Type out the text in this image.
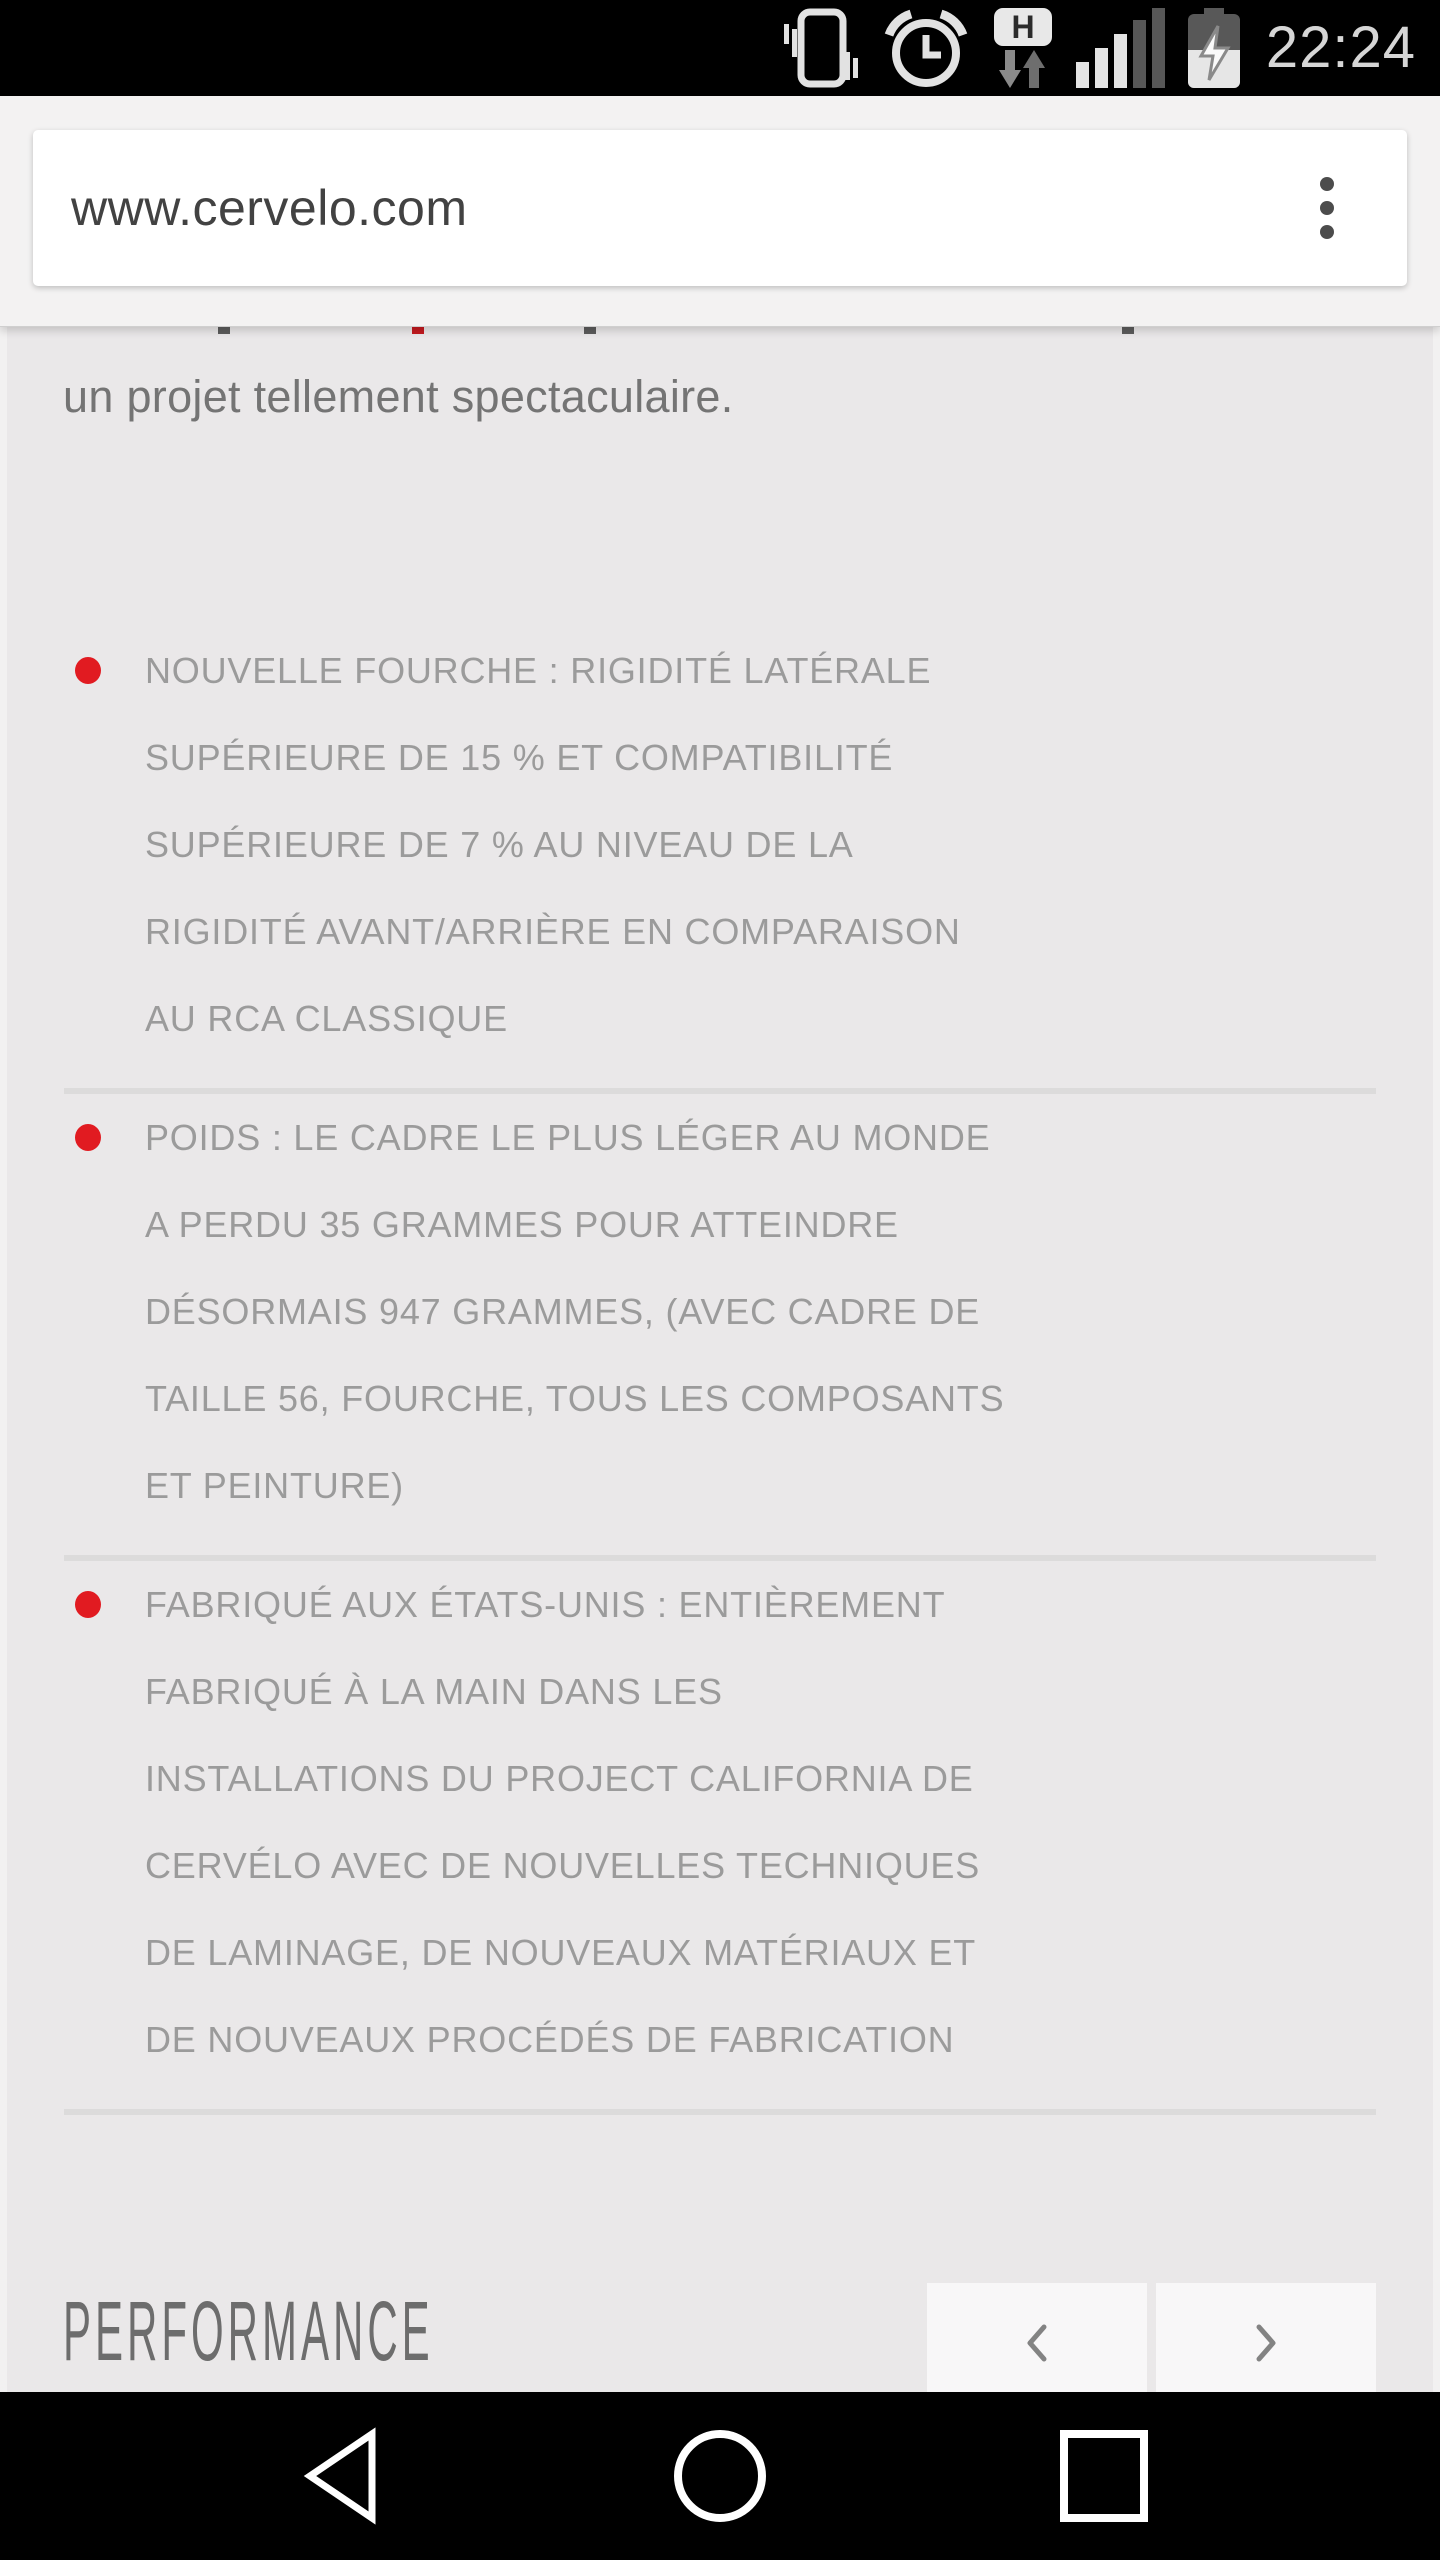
H	22:24
www.cervelo.com

un projet tellement spectaculaire.

NOUVELLE FOURCHE : RIGIDITÉ LATÉRALE
SUPÉRIEURE DE 15 % ET COMPATIBILITÉ
SUPÉRIEURE DE 7 % AU NIVEAU DE LA
RIGIDITÉ AVANT/ARRIÈRE EN COMPARAISON
AU RCA CLASSIQUE
POIDS : LE CADRE LE PLUS LÉGER AU MONDE
A PERDU 35 GRAMMES POUR ATTEINDRE
DÉSORMAIS 947 GRAMMES, (AVEC CADRE DE
TAILLE 56, FOURCHE, TOUS LES COMPOSANTS
ET PEINTURE)
FABRIQUÉ AUX ÉTATS-UNIS : ENTIÈREMENT
FABRIQUÉ À LA MAIN DANS LES
INSTALLATIONS DU PROJECT CALIFORNIA DE
CERVÉLO AVEC DE NOUVELLES TECHNIQUES
DE LAMINAGE, DE NOUVEAUX MATÉRIAUX ET
DE NOUVEAUX PROCÉDÉS DE FABRICATION
PERFORMANCE
